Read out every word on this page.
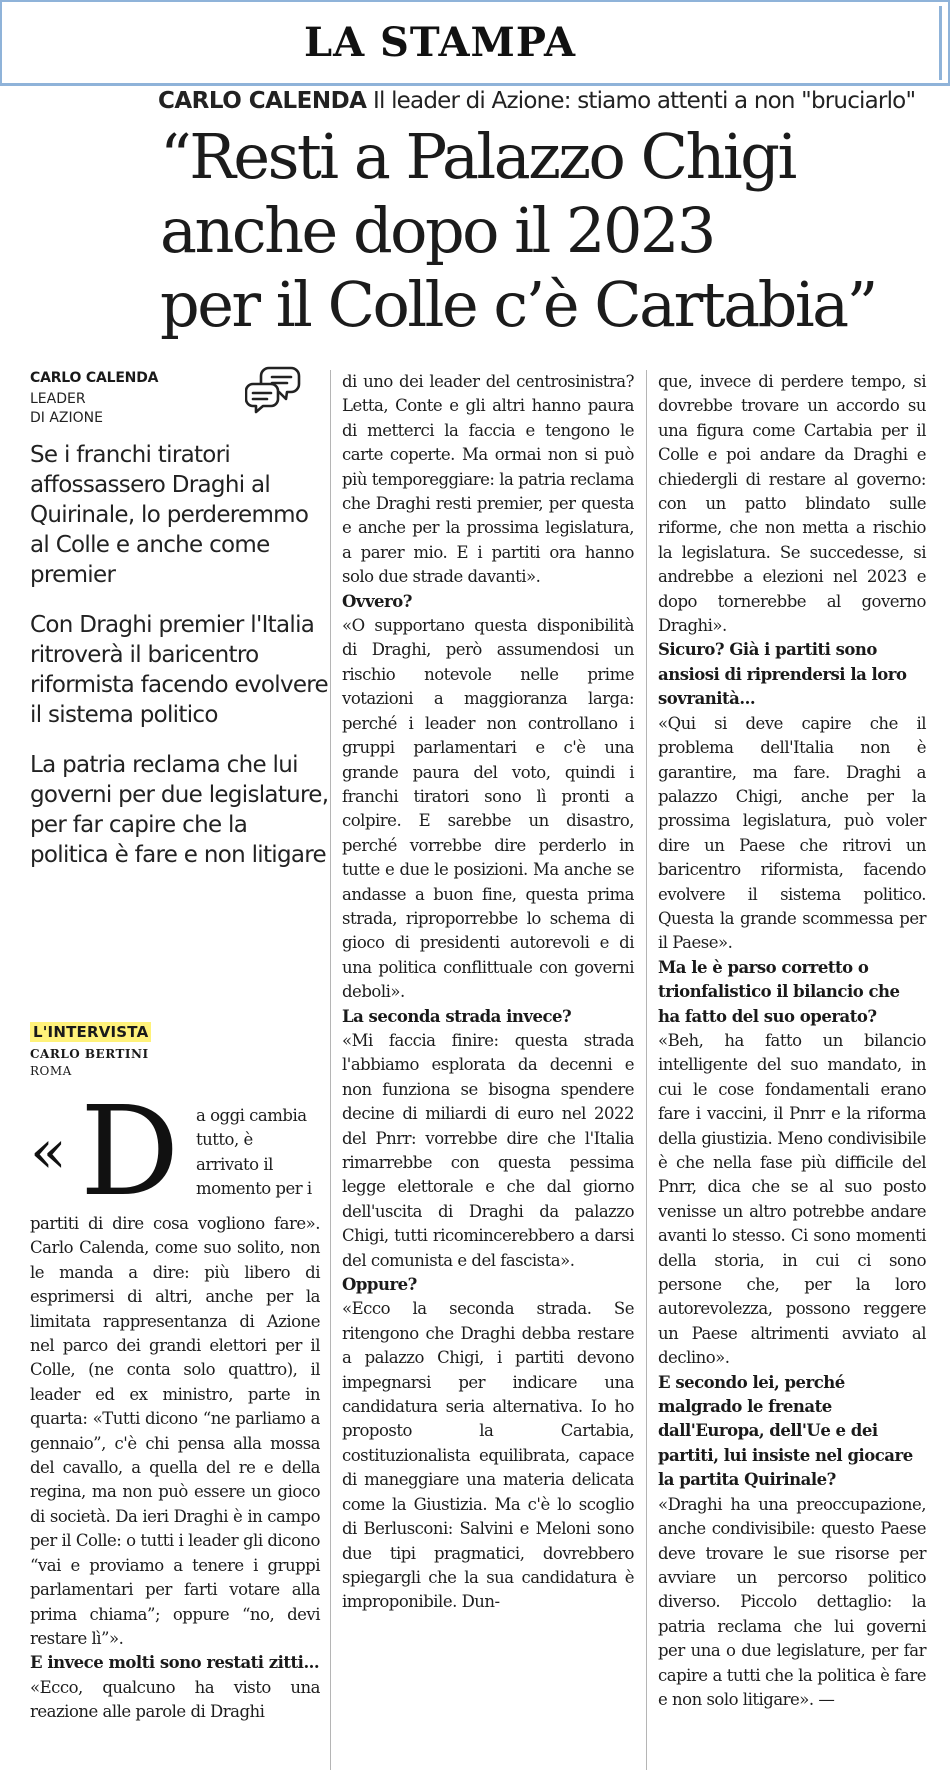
LA STAMPA
CARLO CALENDA Il leader di Azione: stiamo attenti a non "bruciarlo"
“Resti a Palazzo Chigi
anche dopo il 2023
per il Colle c’è Cartabia”
CARLO CALENDA
LEADER
DI AZIONE
Se i franchi tiratori affossassero Draghi al Quirinale, lo perderemmo al Colle e anche come premier
Con Draghi premier l'Italia ritroverà il baricentro riformista facendo evolvere il sistema politico
La patria reclama che lui governi per due legislature, per far capire che la politica è fare e non litigare
L'INTERVISTA
CARLO BERTINI
ROMA
« D a oggi cambia tutto, è arrivato il momento per i

partiti di dire cosa vogliono fare». Carlo Calenda, come suo solito, non le manda a dire: più libero di esprimersi di altri, anche per la limitata rappresentanza di Azione nel parco dei grandi elettori per il Colle, (ne conta solo quattro), il leader ed ex ministro, parte in quarta: «Tutti dicono “ne parliamo a gennaio”, c'è chi pensa alla mossa del cavallo, a quella del re e della regina, ma non può essere un gioco di società. Da ieri Draghi è in campo per il Colle: o tutti i leader gli dicono “vai e proviamo a tenere i gruppi parlamentari per farti votare alla prima chiama”; oppure “no, devi restare lì”».

E invece molti sono restati zitti...

«Ecco, qualcuno ha visto una reazione alle parole di Draghi

di uno dei leader del centrosinistra? Letta, Conte e gli altri hanno paura di metterci la faccia e tengono le carte coperte. Ma ormai non si può più temporeggiare: la patria reclama che Draghi resti premier, per questa e anche per la prossima legislatura, a parer mio. E i partiti ora hanno solo due strade davanti».

Ovvero?

«O supportano questa disponibilità di Draghi, però assumendosi un rischio notevole nelle prime votazioni a maggioranza larga: perché i leader non controllano i gruppi parlamentari e c'è una grande paura del voto, quindi i franchi tiratori sono lì pronti a colpire. E sarebbe un disastro, perché vorrebbe dire perderlo in tutte e due le posizioni. Ma anche se andasse a buon fine, questa prima strada, riproporrebbe lo schema di gioco di presidenti autorevoli e di una politica conflittuale con governi deboli».

La seconda strada invece?

«Mi faccia finire: questa strada l'abbiamo esplorata da decenni e non funziona se bisogna spendere decine di miliardi di euro nel 2022 del Pnrr: vorrebbe dire che l'Italia rimarrebbe con questa pessima legge elettorale e che dal giorno dell'uscita di Draghi da palazzo Chigi, tutti ricomincerebbero a darsi del comunista e del fascista».

Oppure?

«Ecco la seconda strada. Se ritengono che Draghi debba restare a palazzo Chigi, i partiti devono impegnarsi per indicare una candidatura seria alternativa. Io ho proposto la Cartabia, costituzionalista equilibrata, capace di maneggiare una materia delicata come la Giustizia. Ma c'è lo scoglio di Berlusconi: Salvini e Meloni sono due tipi pragmatici, dovrebbero spiegargli che la sua candidatura è improponibile. Dun-

que, invece di perdere tempo, si dovrebbe trovare un accordo su una figura come Cartabia per il Colle e poi andare da Draghi e chiedergli di restare al governo: con un patto blindato sulle riforme, che non metta a rischio la legislatura. Se succedesse, si andrebbe a elezioni nel 2023 e dopo tornerebbe al governo Draghi».

Sicuro? Già i partiti sono ansiosi di riprendersi la loro sovranità...

«Qui si deve capire che il problema dell'Italia non è garantire, ma fare. Draghi a palazzo Chigi, anche per la prossima legislatura, può voler dire un Paese che ritrovi un baricentro riformista, facendo evolvere il sistema politico. Questa la grande scommessa per il Paese».

Ma le è parso corretto o trionfalistico il bilancio che ha fatto del suo operato?

«Beh, ha fatto un bilancio intelligente del suo mandato, in cui le cose fondamentali erano fare i vaccini, il Pnrr e la riforma della giustizia. Meno condivisibile è che nella fase più difficile del Pnrr, dica che se al suo posto venisse un altro potrebbe andare avanti lo stesso. Ci sono momenti della storia, in cui ci sono persone che, per la loro autorevolezza, possono reggere un Paese altrimenti avviato al declino».

E secondo lei, perché malgrado le frenate dall'Europa, dell'Ue e dei partiti, lui insiste nel giocare la partita Quirinale?

«Draghi ha una preoccupazione, anche condivisibile: questo Paese deve trovare le sue risorse per avviare un percorso politico diverso. Piccolo dettaglio: la patria reclama che lui governi per una o due legislature, per far capire a tutti che la politica è fare e non solo litigare». —
